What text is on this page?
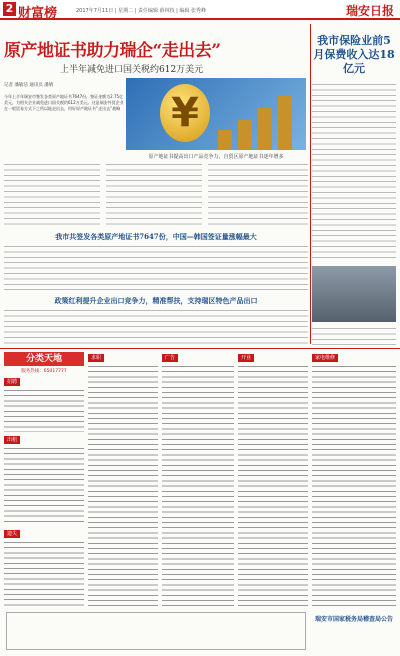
2 财富榜	2017年7月11日 | 星期二 | 责任编辑 薛林枝 | 编辑 张秀峰	瑞安日报
原产地证书助力瑞企“走出去”
上半年减免进口国关税约612万美元
记者 潘敏洁 通讯员 潘婧
今年上半年瑞安市签发各类原产地证书7647份，签证金额为2.75亿美元，为相关企业减免进口国关税约612万美元。这是瑞安外贸企业在一般贸易方式下之所以能走出去，用好原产地证书“走出去”战略 ¥
原产地证书提高出口产品竞争力，自贸区原产地证书逐年增多
我市共签发各类原产地证书7647份，中国—韩国签证量涨幅最大
政策红利提升企业出口竞争力，精准帮扶，支持瑞区特色产品出口
我市保险业前5月保费收入达18亿元
分类天地
服务热线：65017777
招聘
出租
遗失
求职	广告	开业	家电维修
瑞安市国家税务局稽查局公告
